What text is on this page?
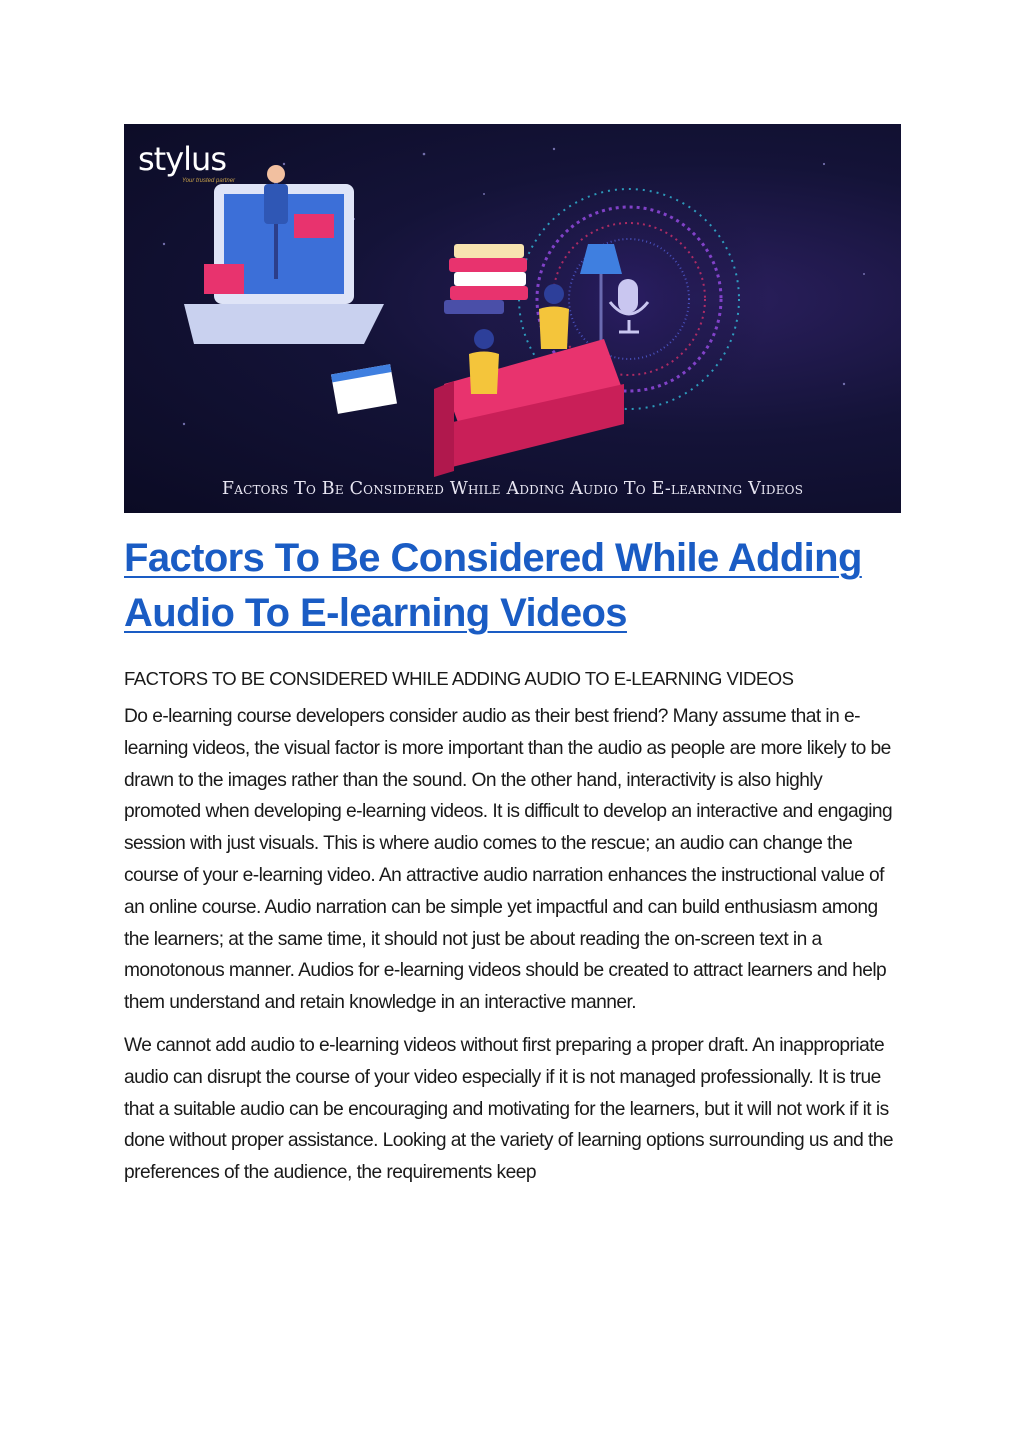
stylus
Your trusted partner
Factors To Be Considered While Adding Audio To E-learning Videos
Factors To Be Considered While Adding Audio To E-learning Videos

FACTORS TO BE CONSIDERED WHILE ADDING AUDIO TO E-LEARNING VIDEOS

Do e-learning course developers consider audio as their best friend? Many assume that in e-learning videos, the visual factor is more important than the audio as people are more likely to be drawn to the images rather than the sound. On the other hand, interactivity is also highly promoted when developing e-learning videos. It is difficult to develop an interactive and engaging session with just visuals. This is where audio comes to the rescue; an audio can change the course of your e-learning video. An attractive audio narration enhances the instructional value of an online course. Audio narration can be simple yet impactful and can build enthusiasm among the learners; at the same time, it should not just be about reading the on-screen text in a monotonous manner. Audios for e-learning videos should be created to attract learners and help them understand and retain knowledge in an interactive manner.

We cannot add audio to e-learning videos without first preparing a proper draft. An inappropriate audio can disrupt the course of your video especially if it is not managed professionally. It is true that a suitable audio can be encouraging and motivating for the learners, but it will not work if it is done without proper assistance. Looking at the variety of learning options surrounding us and the preferences of the audience, the requirements keep
